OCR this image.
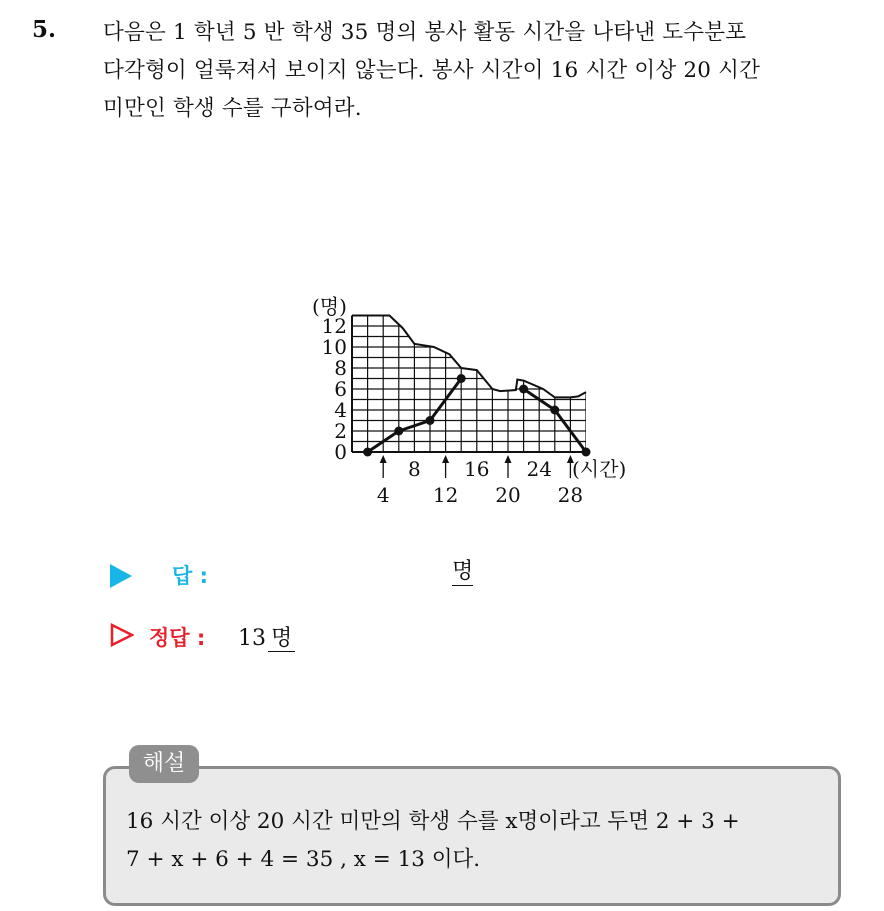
5. 다음은 1 학년 5 반 학생 35 명의 봉사 활동 시간을 나타낸 도수분포
다각형이 얼룩져서 보이지 않는다. 봉사 시간이 16 시간 이상 20 시간
미만인 학생 수를 구하여라.
0
2
4
6
8
10
12
(명)
8 16 24
4 12 20 28
(시간)
답 :	명
정답 : 13 명
해설
16 시간 이상 20 시간 미만의 학생 수를 x명이라고 두면 2 + 3 +
7 + x + 6 + 4 = 35 , x = 13 이다.
